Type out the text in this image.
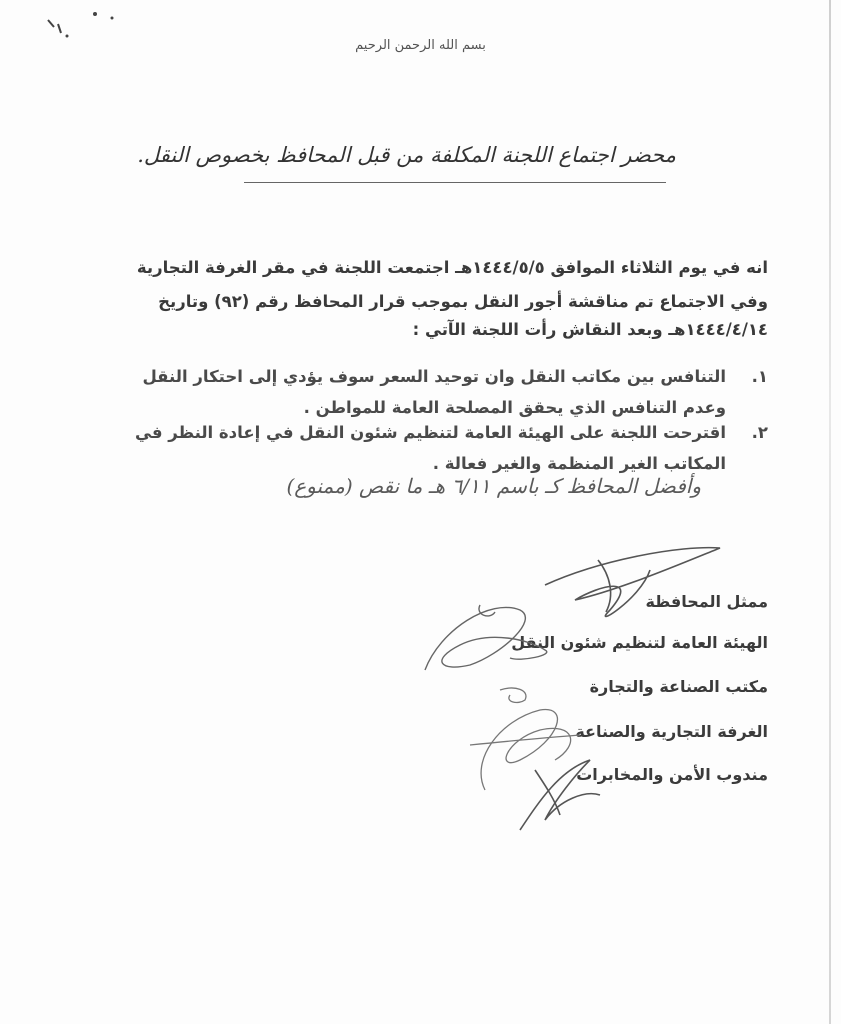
بسم الله الرحمن الرحيم
محضر اجتماع اللجنة المكلفة من قبل المحافظ بخصوص النقل.
انه في يوم الثلاثاء الموافق ١٤٤٤/٥/٥هـ اجتمعت اللجنة في مقر الغرفة التجارية
وفي الاجتماع تم مناقشة أجور النقل بموجب قرار المحافظ رقم (٩٢) وتاريخ
١٤٤٤/٤/١٤هـ وبعد النقاش رأت اللجنة الآتي :
١.
التنافس بين مكاتب النقل وان توحيد السعر سوف يؤدي إلى احتكار النقل
وعدم التنافس الذي يحقق المصلحة العامة للمواطن .
٢.
اقترحت اللجنة على الهيئة العامة لتنظيم شئون النقل في إعادة النظر في
المكاتب الغير المنظمة والغير فعالة .
وأفضل المحافظ كـ باسم ٦/١١ هـ ما نقص (ممنوع)
ممثل المحافظة
الهيئة العامة لتنظيم شئون النقل
مكتب الصناعة والتجارة
الغرفة التجارية والصناعة
مندوب الأمن والمخابرات
